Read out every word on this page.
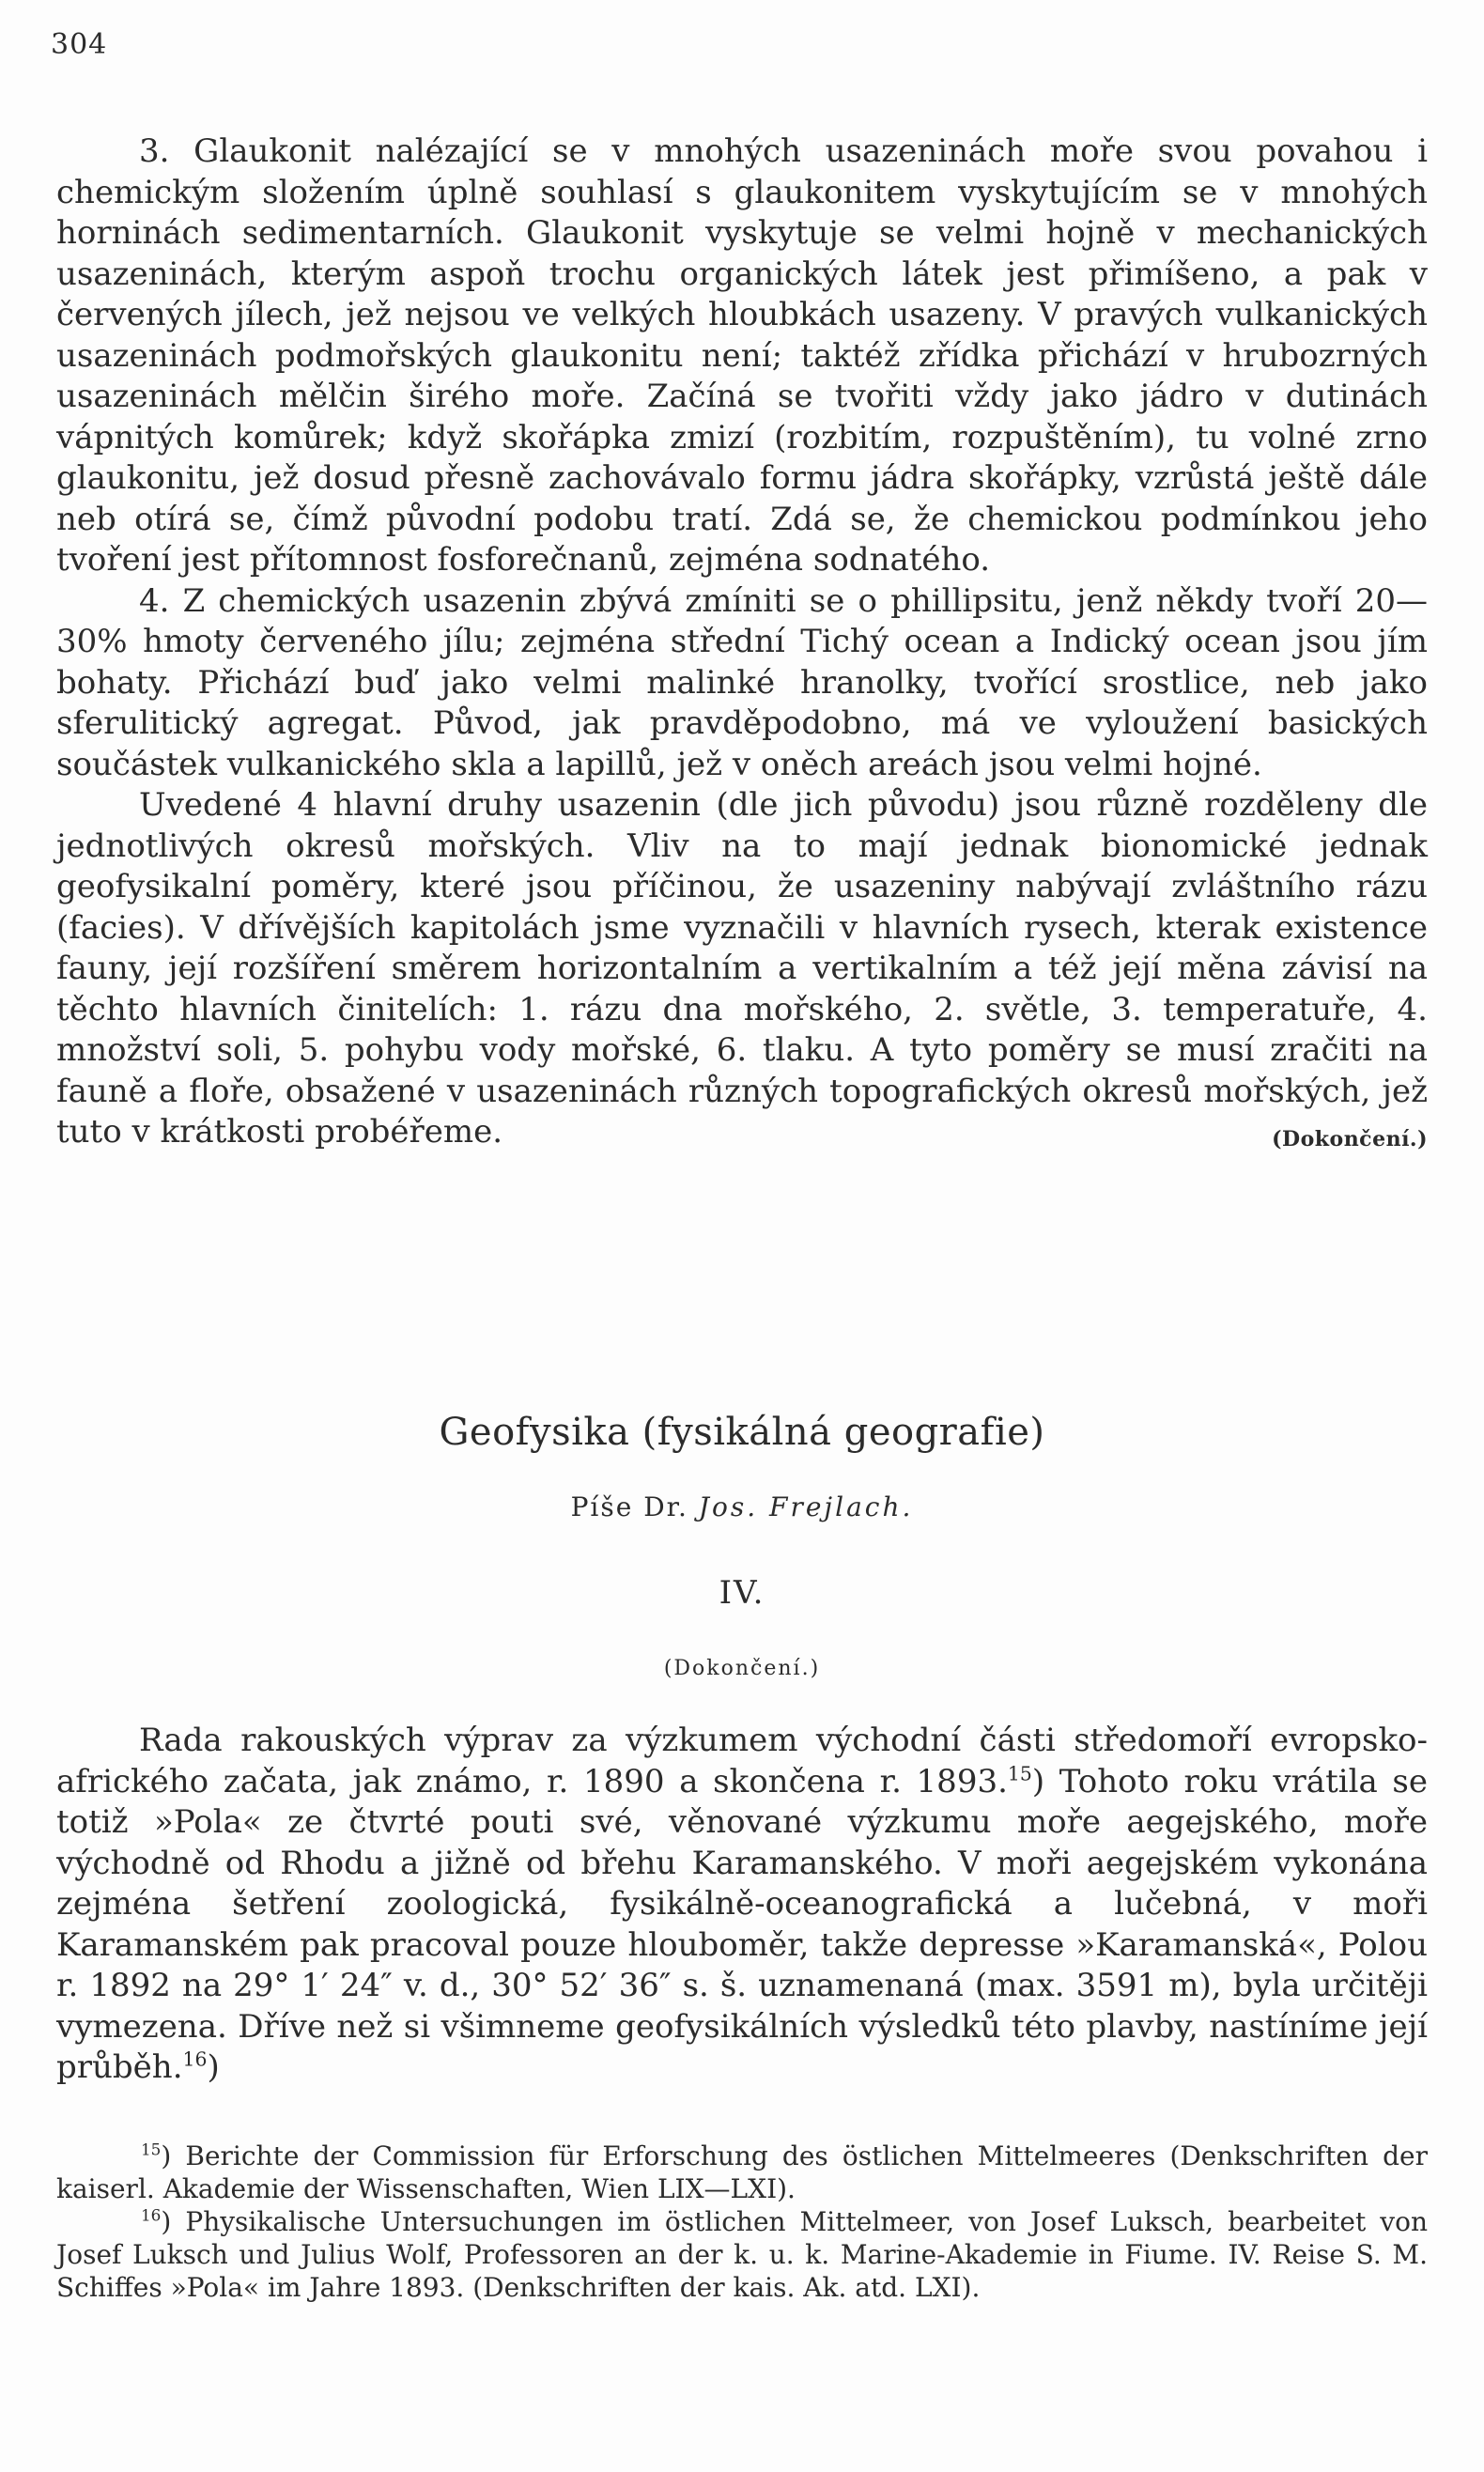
304

3. Glaukonit nalézající se v mnohých usazeninách moře svou povahou i chemickým složením úplně souhlasí s glaukonitem vyskytujícím se v mnohých horninách sedimentarních. Glaukonit vyskytuje se velmi hojně v mechanických usazeninách, kterým aspoň trochu organických látek jest přimíšeno, a pak v červených jílech, jež nejsou ve velkých hloubkách usazeny. V pravých vulkanických usazeninách podmořských glaukonitu není; taktéž zřídka přichází v hrubozrných usazeninách mělčin širého moře. Začíná se tvořiti vždy jako jádro v dutinách vápnitých komůrek; když skořápka zmizí (rozbitím, rozpuštěním), tu volné zrno glaukonitu, jež dosud přesně zachovávalo formu jádra skořápky, vzrůstá ještě dále neb otírá se, čímž původní podobu tratí. Zdá se, že chemickou podmínkou jeho tvoření jest přítomnost fosforečnanů, zejména sodnatého.

4. Z chemických usazenin zbývá zmíniti se o phillipsitu, jenž někdy tvoří 20—30% hmoty červeného jílu; zejména střední Tichý ocean a Indický ocean jsou jím bohaty. Přichází buď jako velmi malinké hranolky, tvořící srostlice, neb jako sferulitický agregat. Původ, jak pravděpodobno, má ve vyloužení basických součástek vulkanického skla a lapillů, jež v oněch areách jsou velmi hojné.

Uvedené 4 hlavní druhy usazenin (dle jich původu) jsou různě rozděleny dle jednotlivých okresů mořských. Vliv na to mají jednak bionomické jednak geofysikalní poměry, které jsou příčinou, že usazeniny nabývají zvláštního rázu (facies). V dřívějších kapitolách jsme vyznačili v hlavních rysech, kterak existence fauny, její rozšíření směrem horizontalním a vertikalním a též její měna závisí na těchto hlavních činitelích: 1. rázu dna mořského, 2. světle, 3. temperatuře, 4. množství soli, 5. pohybu vody mořské, 6. tlaku. A tyto poměry se musí zračiti na fauně a floře, obsažené v usazeninách různých topografických okresů mořských, jež tuto v krátkosti probéřeme.	(Dokončení.)

Geofysika (fysikálná geografie)
Píše Dr. Jos. Frejlach.
IV.
(Dokončení.)

Rada rakouských výprav za výzkumem východní části středomoří evropsko-afrického začata, jak známo, r. 1890 a skončena r. 1893.15) Tohoto roku vrátila se totiž »Pola« ze čtvrté pouti své, věnované výzkumu moře aegejského, moře východně od Rhodu a jižně od břehu Karamanského. V moři aegejském vykonána zejména šetření zoologická, fysikálně-oceanografická a lučebná, v moři Karamanském pak pracoval pouze hlouboměr, takže depresse »Karamanská«, Polou r. 1892 na 29° 1′ 24″ v. d., 30° 52′ 36″ s. š. uznamenaná (max. 3591 m), byla určitěji vymezena. Dříve než si všimneme geofysikálních výsledků této plavby, nastíníme její průběh.$^{16}$)

$^{15}$) Berichte der Commission für Erforschung des östlichen Mittelmeeres (Denkschriften der kaiserl. Akademie der Wissenschaften, Wien LIX—LXI).

$^{16}$) Physikalische Untersuchungen im östlichen Mittelmeer, von Josef Luksch, bearbeitet von Josef Luksch und Julius Wolf, Professoren an der k. u. k. Marine-Akademie in Fiume. IV. Reise S. M. Schiffes »Pola« im Jahre 1893. (Denkschriften der kais. Ak. atd. LXI).
